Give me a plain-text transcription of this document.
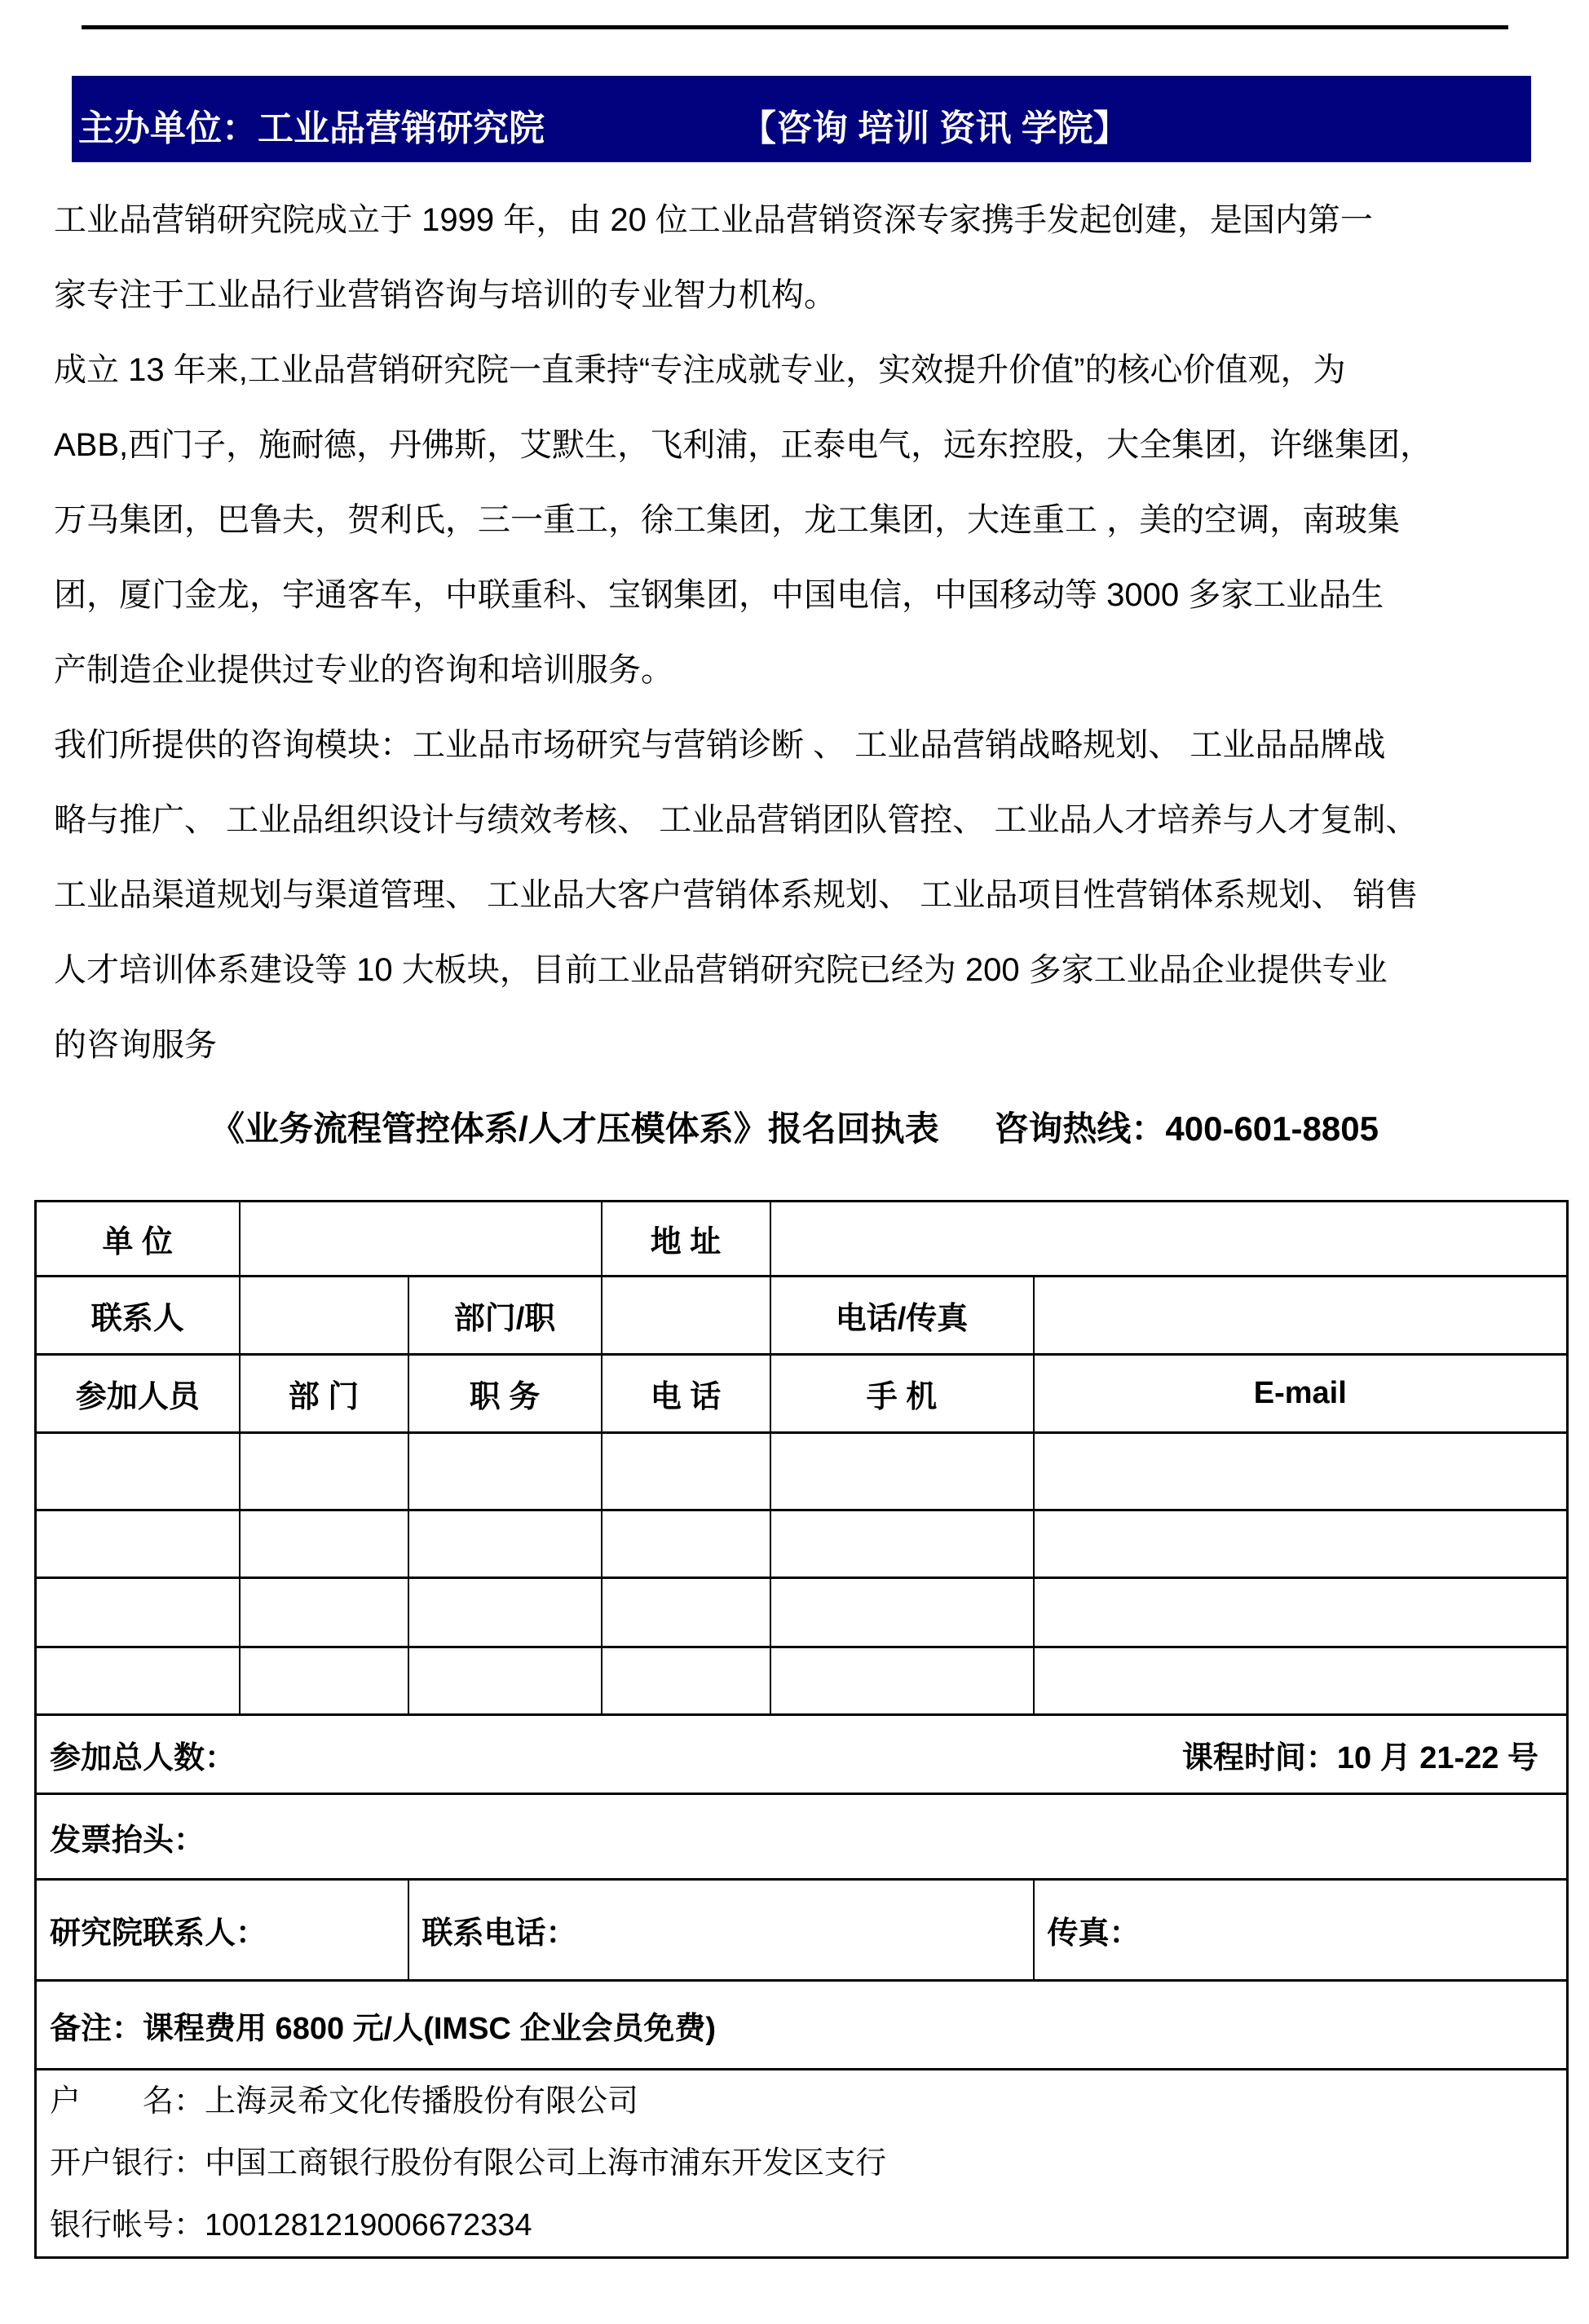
主办单位：工业品营销研究院	【咨询 培训 资讯 学院】
工业品营销研究院成立于 1999 年，由 20 位工业品营销资深专家携手发起创建，是国内第一
家专注于工业品行业营销咨询与培训的专业智力机构。
成立 13 年来,工业品营销研究院一直秉持“专注成就专业，实效提升价值”的核心价值观，为
ABB,西门子，施耐德，丹佛斯，艾默生，飞利浦，正泰电气，远东控股，大全集团，许继集团，
万马集团，巴鲁夫，贺利氏，三一重工，徐工集团，龙工集团，大连重工 ，美的空调，南玻集
团，厦门金龙，宇通客车，中联重科、宝钢集团，中国电信，中国移动等 3000 多家工业品生
产制造企业提供过专业的咨询和培训服务。
我们所提供的咨询模块：工业品市场研究与营销诊断 、 工业品营销战略规划、 工业品品牌战
略与推广、 工业品组织设计与绩效考核、 工业品营销团队管控、 工业品人才培养与人才复制、
工业品渠道规划与渠道管理、 工业品大客户营销体系规划、 工业品项目性营销体系规划、 销售
人才培训体系建设等 10 大板块，目前工业品营销研究院已经为 200 多家工业品企业提供专业
的咨询服务
《业务流程管控体系/人才压模体系》报名回执表 咨询热线：400-601-8805
单 位			地 址		
联系人		部门/职		电话/传真	
参加人员	部 门	职 务	电 话	手 机	E-mail

参加总人数： 课程时间：10 月 21-22 号					

发票抬头：					
研究院联系人：		联系电话：			传真：
备注：课程费用 6800 元/人(IMSC 企业会员免费)					

户　　名：上海灵希文化传播股份有限公司
开户银行：中国工商银行股份有限公司上海市浦东开发区支行
银行帐号：1001281219006672334					
